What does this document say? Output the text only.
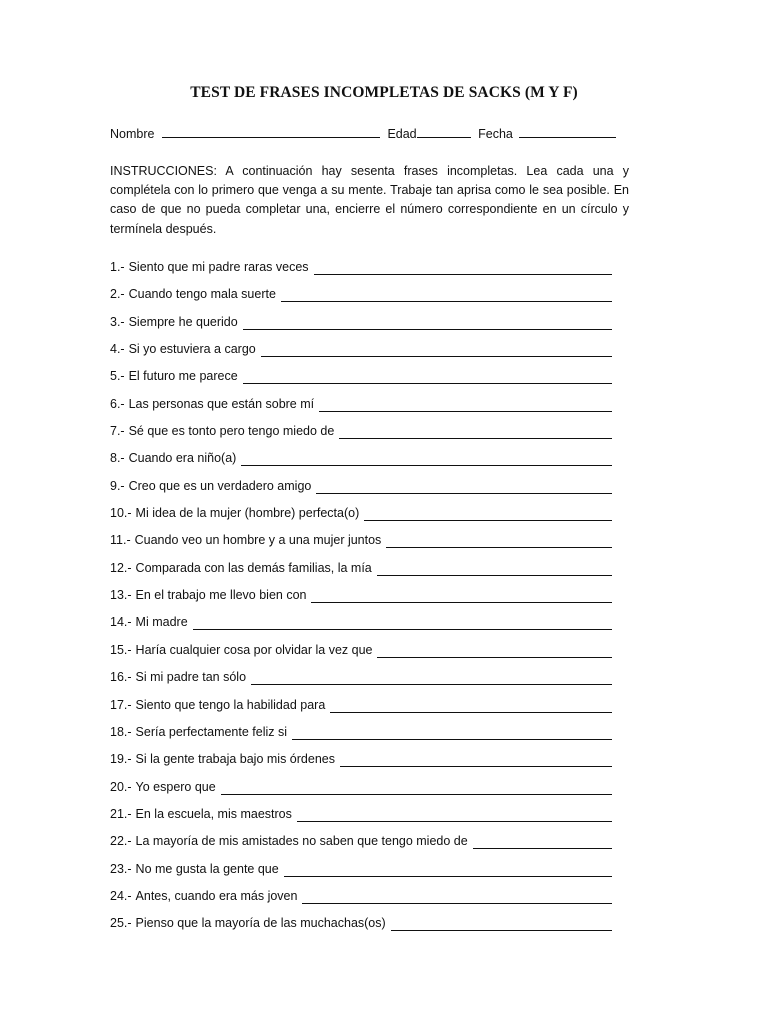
TEST DE FRASES INCOMPLETAS DE SACKS (M Y F)
Nombre	Edad	Fecha
INSTRUCCIONES: A continuación hay sesenta frases incompletas. Lea cada una y complétela con lo primero que venga a su mente. Trabaje tan aprisa como le sea posible. En caso de que no pueda completar una, encierre el número correspondiente en un círculo y termínela después.
1.- Siento que mi padre raras veces
2.- Cuando tengo mala suerte
3.- Siempre he querido
4.- Si yo estuviera a cargo
5.- El futuro me parece
6.- Las personas que están sobre mí
7.- Sé que es tonto pero tengo miedo de
8.- Cuando era niño(a)
9.- Creo que es un verdadero amigo
10.- Mi idea de la mujer (hombre) perfecta(o)
11.- Cuando veo un hombre y a una mujer juntos
12.- Comparada con las demás familias, la mía
13.- En el trabajo me llevo bien con
14.- Mi madre
15.- Haría cualquier cosa por olvidar la vez que
16.- Si mi padre tan sólo
17.- Siento que tengo la habilidad para
18.- Sería perfectamente feliz si
19.- Si la gente trabaja bajo mis órdenes
20.- Yo espero que
21.- En la escuela, mis maestros
22.- La mayoría de mis amistades no saben que tengo miedo de
23.- No me gusta la gente que
24.- Antes, cuando era más joven
25.- Pienso que la mayoría de las muchachas(os)
